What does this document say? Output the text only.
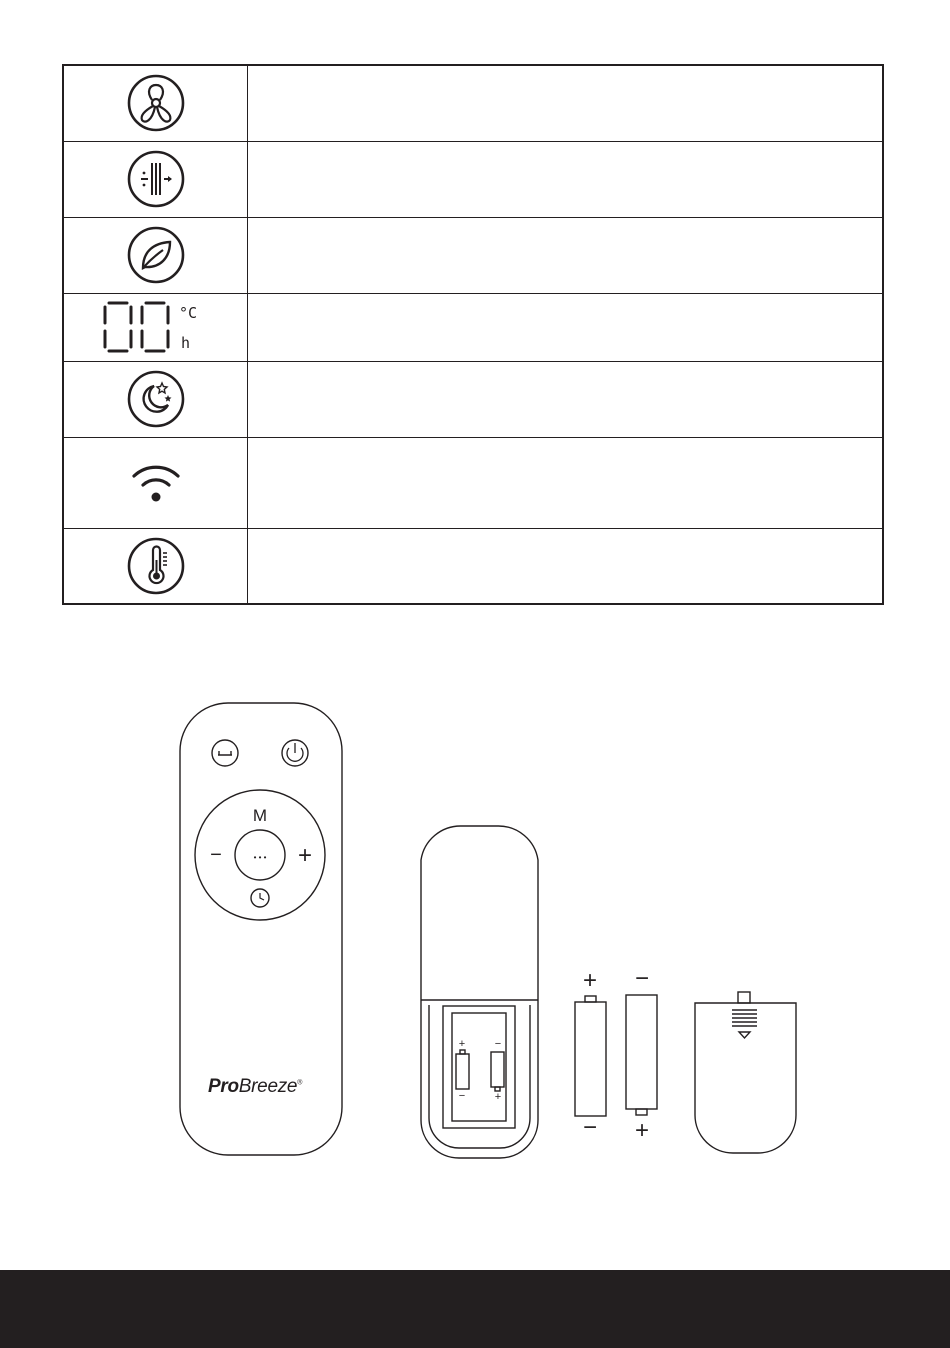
°C
h	

M
−	+
• • •
+
−
−
+
+
−
−
+
ProBreeze®
